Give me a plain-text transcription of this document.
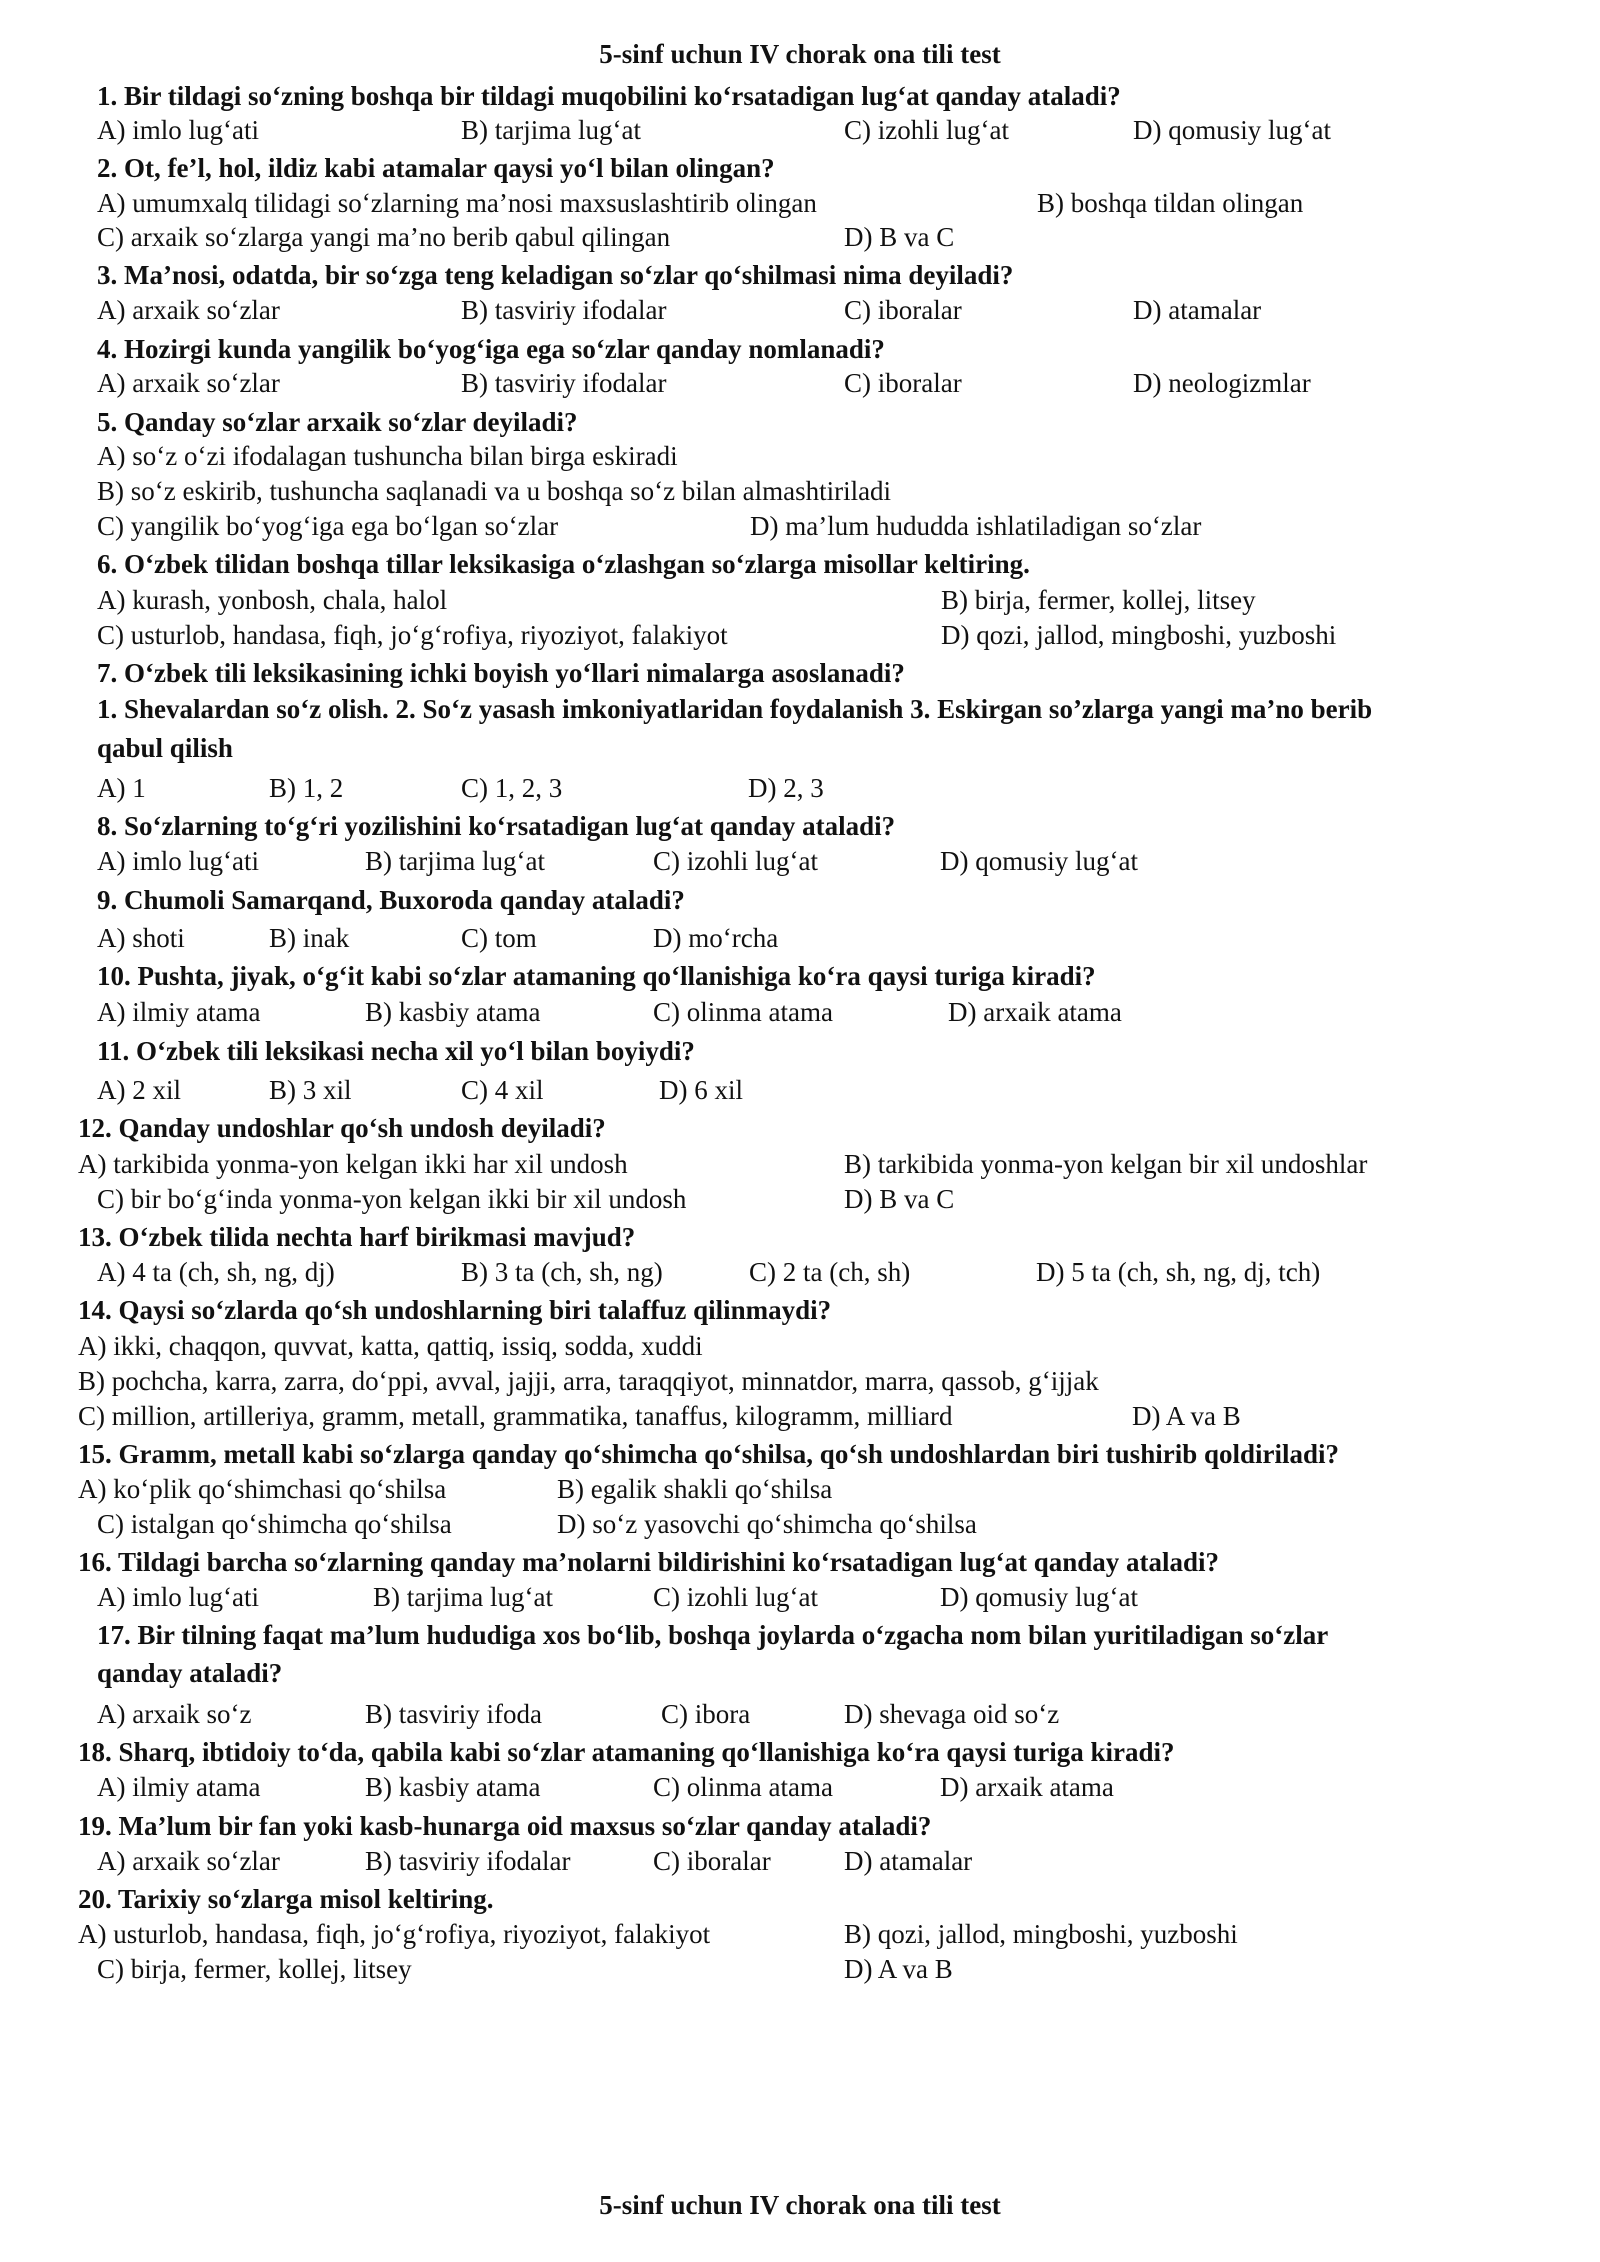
5-sinf uchun IV chorak ona tili test
1. Bir tildagi so‘zning boshqa bir tildagi muqobilini ko‘rsatadigan lug‘at qanday ataladi?
A) imlo lug‘ati	B) tarjima lug‘at	C) izohli lug‘at	D) qomusiy lug‘at
2. Ot, fe’l, hol, ildiz kabi atamalar qaysi yo‘l bilan olingan?
A) umumxalq tilidagi so‘zlarning ma’nosi maxsuslashtirib olingan	B) boshqa tildan olingan
C) arxaik so‘zlarga yangi ma’no berib qabul qilingan	D) B va C
3. Ma’nosi, odatda, bir so‘zga teng keladigan so‘zlar qo‘shilmasi nima deyiladi?
A) arxaik so‘zlar	B) tasviriy ifodalar	C) iboralar	D) atamalar
4. Hozirgi kunda yangilik bo‘yog‘iga ega so‘zlar qanday nomlanadi?
A) arxaik so‘zlar	B) tasviriy ifodalar	C) iboralar	D) neologizmlar
5. Qanday so‘zlar arxaik so‘zlar deyiladi?
A) so‘z o‘zi ifodalagan tushuncha bilan birga eskiradi
B) so‘z eskirib, tushuncha saqlanadi va u boshqa so‘z bilan almashtiriladi
C) yangilik bo‘yog‘iga ega bo‘lgan so‘zlar	D) ma’lum hududda ishlatiladigan so‘zlar
6. O‘zbek tilidan boshqa tillar leksikasiga o‘zlashgan so‘zlarga misollar keltiring.
A) kurash, yonbosh, chala, halol	B) birja, fermer, kollej, litsey
C) usturlob, handasa, fiqh, jo‘g‘rofiya, riyoziyot, falakiyot	D) qozi, jallod, mingboshi, yuzboshi
7. O‘zbek tili leksikasining ichki boyish yo‘llari nimalarga asoslanadi?
1. Shevalardan so‘z olish. 2. So‘z yasash imkoniyatlaridan foydalanish 3. Eskirgan so’zlarga yangi ma’no berib
qabul qilish
A) 1	B) 1, 2	C) 1, 2, 3	D) 2, 3
8. So‘zlarning to‘g‘ri yozilishini ko‘rsatadigan lug‘at qanday ataladi?
A) imlo lug‘ati	B) tarjima lug‘at	C) izohli lug‘at	D) qomusiy lug‘at
9. Chumoli Samarqand, Buxoroda qanday ataladi?
A) shoti	B) inak	C) tom	D) mo‘rcha
10. Pushta, jiyak, o‘g‘it kabi so‘zlar atamaning qo‘llanishiga ko‘ra qaysi turiga kiradi?
A) ilmiy atama	B) kasbiy atama	C) olinma atama	D) arxaik atama
11. O‘zbek tili leksikasi necha xil yo‘l bilan boyiydi?
A) 2 xil	B) 3 xil	C) 4 xil	D) 6 xil
12. Qanday undoshlar qo‘sh undosh deyiladi?
A) tarkibida yonma-yon kelgan ikki har xil undosh	B) tarkibida yonma-yon kelgan bir xil undoshlar
C) bir bo‘g‘inda yonma-yon kelgan ikki bir xil undosh	D) B va C
13. O‘zbek tilida nechta harf birikmasi mavjud?
A) 4 ta (ch, sh, ng, dj)	B) 3 ta (ch, sh, ng)	C) 2 ta (ch, sh)	D) 5 ta (ch, sh, ng, dj, tch)
14. Qaysi so‘zlarda qo‘sh undoshlarning biri talaffuz qilinmaydi?
A) ikki, chaqqon, quvvat, katta, qattiq, issiq, sodda, xuddi
B) pochcha, karra, zarra, do‘ppi, avval, jajji, arra, taraqqiyot, minnatdor, marra, qassob, g‘ijjak
C) million, artilleriya, gramm, metall, grammatika, tanaffus, kilogramm, milliard	D) A va B
15. Gramm, metall kabi so‘zlarga qanday qo‘shimcha qo‘shilsa, qo‘sh undoshlardan biri tushirib qoldiriladi?
A) ko‘plik qo‘shimchasi qo‘shilsa	B) egalik shakli qo‘shilsa
C) istalgan qo‘shimcha qo‘shilsa	D) so‘z yasovchi qo‘shimcha qo‘shilsa
16. Tildagi barcha so‘zlarning qanday ma’nolarni bildirishini ko‘rsatadigan lug‘at qanday ataladi?
A) imlo lug‘ati	B) tarjima lug‘at	C) izohli lug‘at	D) qomusiy lug‘at
17. Bir tilning faqat ma’lum hududiga xos bo‘lib, boshqa joylarda o‘zgacha nom bilan yuritiladigan so‘zlar
qanday ataladi?
A) arxaik so‘z	B) tasviriy ifoda	C) ibora	D) shevaga oid so‘z
18. Sharq, ibtidoiy to‘da, qabila kabi so‘zlar atamaning qo‘llanishiga ko‘ra qaysi turiga kiradi?
A) ilmiy atama	B) kasbiy atama	C) olinma atama	D) arxaik atama
19. Ma’lum bir fan yoki kasb-hunarga oid maxsus so‘zlar qanday ataladi?
A) arxaik so‘zlar	B) tasviriy ifodalar	C) iboralar	D) atamalar
20. Tarixiy so‘zlarga misol keltiring.
A) usturlob, handasa, fiqh, jo‘g‘rofiya, riyoziyot, falakiyot	B) qozi, jallod, mingboshi, yuzboshi
C) birja, fermer, kollej, litsey	D) A va B
5-sinf uchun IV chorak ona tili test
